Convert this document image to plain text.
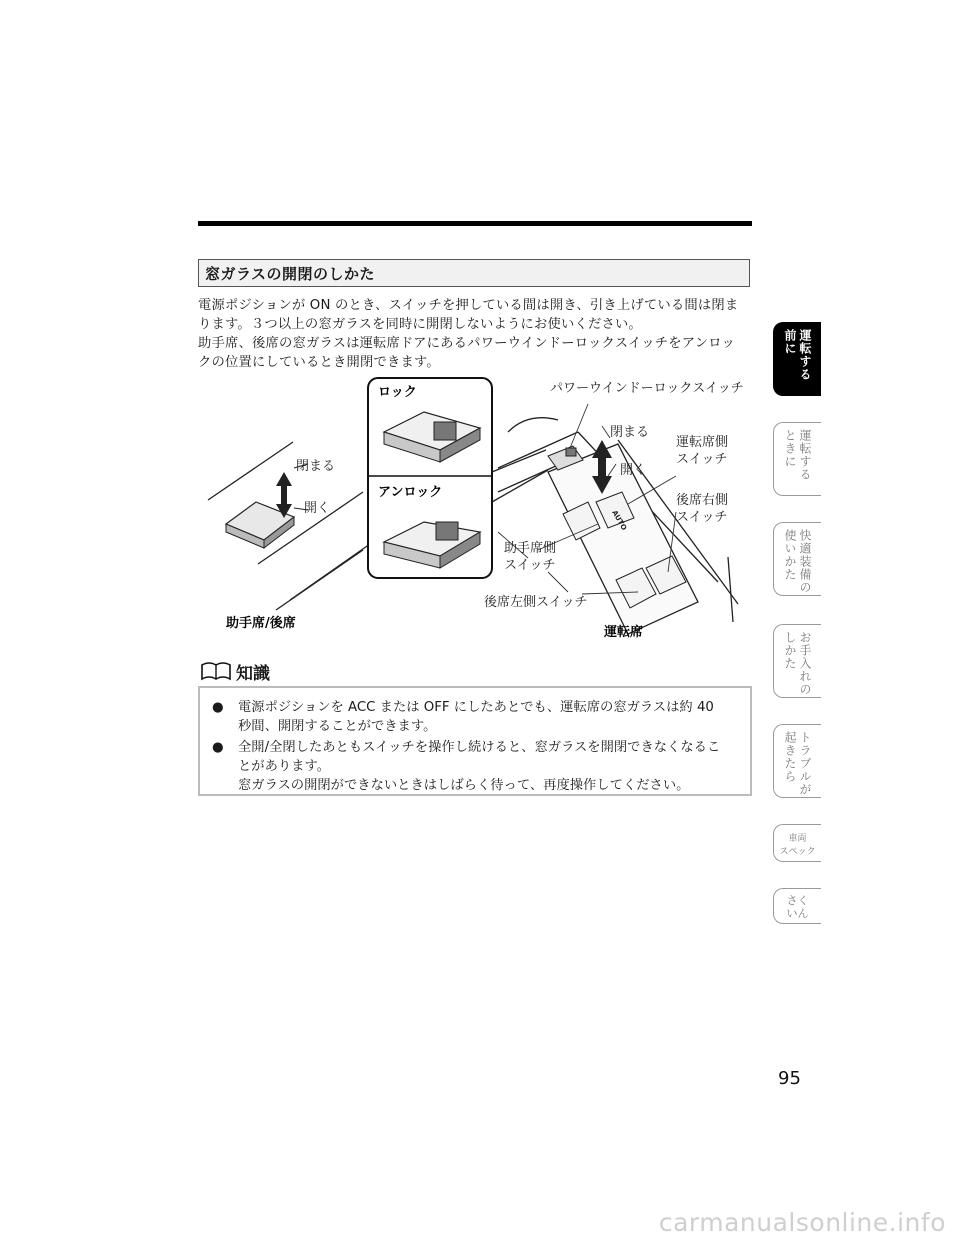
窓ガラスの開閉のしかた

電源ポジションが ON のとき、スイッチを押している間は開き、引き上げている間は閉ま

ります。３つ以上の窓ガラスを同時に開閉しないようにお使いください。

助手席、後席の窓ガラスは運転席ドアにあるパワーウインドーロックスイッチをアンロッ

クの位置にしているとき開閉できます。

AUTO
ロック
アンロック
パワーウインドーロックスイッチ
閉まる
開く
運転席側
スイッチ
後席右側
スイッチ
助手席側
スイッチ
後席左側スイッチ
閉まる
開く
助手席/後席
運転席
知識
● 電源ポジションを ACC または OFF にしたあとでも、運転席の窓ガラスは約 40
秒間、開閉することができます。
● 全開/全閉したあともスイッチを操作し続けると、窓ガラスを開閉できなくなるこ
とがあります。
窓ガラスの開閉ができないときはしばらく待って、再度操作してください。
運転する
前に
運転する
ときに
快適装備の
使いかた
お手入れの
しかた
トラブルが
起きたら
車両
スペック
さく
いん
95
carmanualsonline.info
